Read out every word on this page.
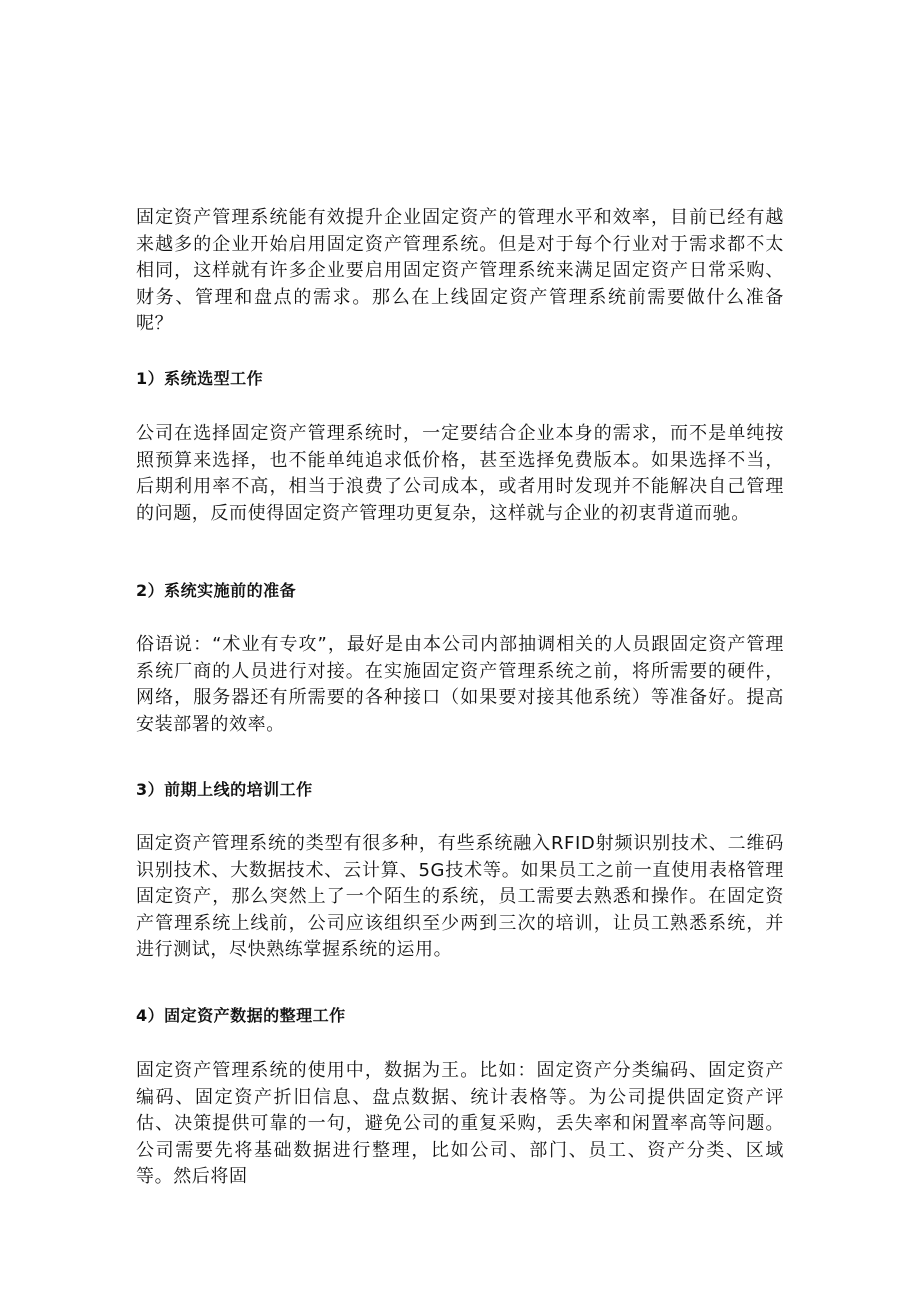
固定资产管理系统能有效提升企业固定资产的管理水平和效率，目前已经有越来越多的企业开始启用固定资产管理系统。但是对于每个行业对于需求都不太相同，这样就有许多企业要启用固定资产管理系统来满足固定资产日常采购、财务、管理和盘点的需求。那么在上线固定资产管理系统前需要做什么准备呢？

1）系统选型工作

公司在选择固定资产管理系统时，一定要结合企业本身的需求，而不是单纯按照预算来选择，也不能单纯追求低价格，甚至选择免费版本。如果选择不当，后期利用率不高，相当于浪费了公司成本，或者用时发现并不能解决自己管理的问题，反而使得固定资产管理功更复杂，这样就与企业的初衷背道而驰。

2）系统实施前的准备

俗语说：“术业有专攻”，最好是由本公司内部抽调相关的人员跟固定资产管理系统厂商的人员进行对接。在实施固定资产管理系统之前，将所需要的硬件，网络，服务器还有所需要的各种接口（如果要对接其他系统）等准备好。提高安装部署的效率。

3）前期上线的培训工作

固定资产管理系统的类型有很多种，有些系统融入RFID射频识别技术、二维码识别技术、大数据技术、云计算、5G技术等。如果员工之前一直使用表格管理固定资产，那么突然上了一个陌生的系统，员工需要去熟悉和操作。在固定资产管理系统上线前，公司应该组织至少两到三次的培训，让员工熟悉系统，并进行测试，尽快熟练掌握系统的运用。

4）固定资产数据的整理工作

固定资产管理系统的使用中，数据为王。比如：固定资产分类编码、固定资产编码、固定资产折旧信息、盘点数据、统计表格等。为公司提供固定资产评估、决策提供可靠的一句，避免公司的重复采购，丢失率和闲置率高等问题。公司需要先将基础数据进行整理，比如公司、部门、员工、资产分类、区域等。然后将固
